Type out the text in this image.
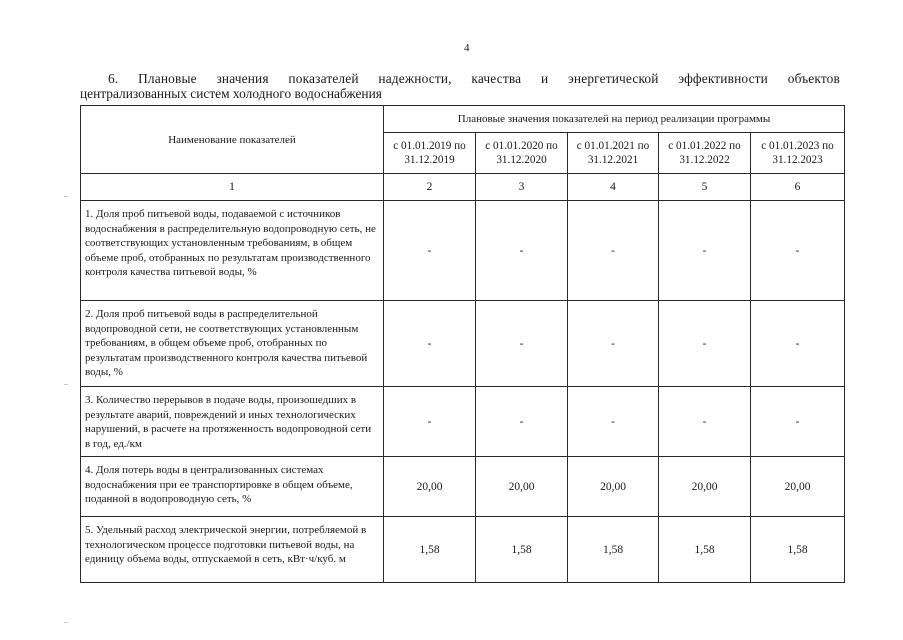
4
6. Плановые значения показателей надежности, качества и энергетической эффективности объектов
централизованных систем холодного водоснабжения
Наименование показателей	Плановые значения показателей на период реализации программы				
	с 01.01.2019 по 31.12.2019	с 01.01.2020 по 31.12.2020	с 01.01.2021 по 31.12.2021	с 01.01.2022 по 31.12.2022	с 01.01.2023 по 31.12.2023
1	2	3	4	5	6
1. Доля проб питьевой воды, подаваемой с источников водоснабжения в распределительную водопроводную сеть, не соответствующих установленным требованиям, в общем объеме проб, отобранных по результатам производственного контроля качества питьевой воды, %	-	-	-	-	-
2. Доля проб питьевой воды в распределительной водопроводной сети, не соответствующих установленным требованиям, в общем объеме проб, отобранных по результатам производственного контроля качества питьевой воды, %	-	-	-	-	-
3. Количество перерывов в подаче воды, произошедших в результате аварий, повреждений и иных технологических нарушений, в расчете на протяженность водопроводной сети в год, ед./км	-	-	-	-	-
4. Доля потерь воды в централизованных системах водоснабжения при ее транспортировке в общем объеме, поданной в водопроводную сеть, %	20,00	20,00	20,00	20,00	20,00
5. Удельный расход электрической энергии, потребляемой в технологическом процессе подготовки питьевой воды, на единицу объема воды, отпускаемой в сеть, кВт·ч/куб. м	1,58	1,58	1,58	1,58	1,58
